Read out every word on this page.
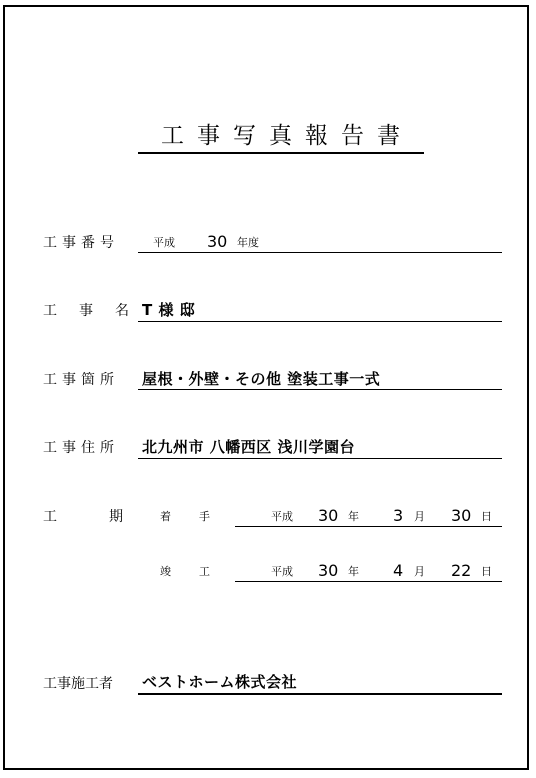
工事写真報告書
工事番号	平成 30 年度
工事名
T 様 邸
工事箇所 屋根・外壁・その他 塗装工事一式
工事住所 北九州市 八幡西区 浅川学園台
工期
着手	平成 30 年 3 月 30 日
竣工	平成 30 年 4 月 22 日
工事施工者 ベストホーム株式会社
